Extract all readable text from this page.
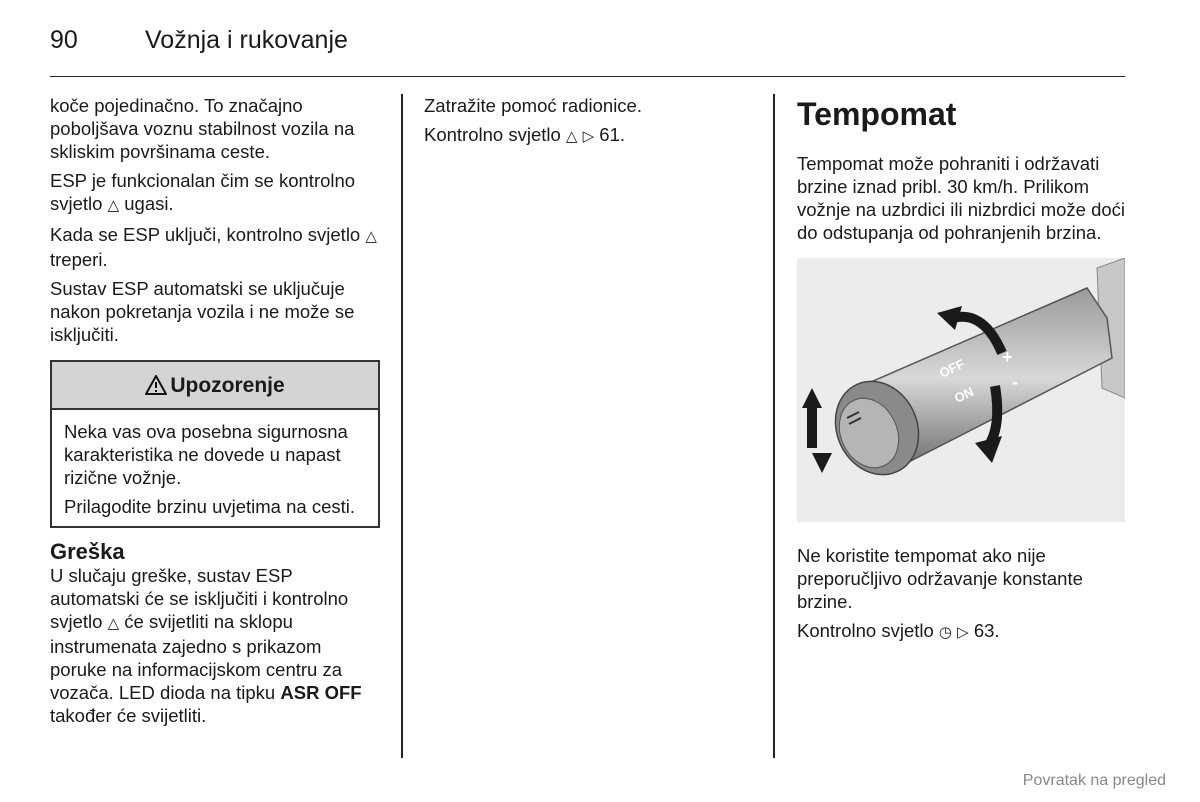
90	Vožnja i rukovanje

kočе pojedinačno. To značajno poboljšava voznu stabilnost vozila na skliskim površinama ceste.

ESP je funkcionalan čim se kontrolno svjetlo △ ugasi.

Kada se ESP uključi, kontrolno svjetlo △ treperi.

Sustav ESP automatski se uključuje nakon pokretanja vozila i ne može se isključiti.

Upozorenje

Neka vas ova posebna sigurnosna karakteristika ne dovede u napast rizične vožnje.

Prilagodite brzinu uvjetima na cesti.

Greška

U slučaju greške, sustav ESP automatski će se isključiti i kontrolno svjetlo △ će svijetliti na sklopu instrumenata zajedno s prikazom poruke na informacijskom centru za vozača. LED dioda na tipku ASR OFF također će svijetliti.

Zatražite pomoć radionice.

Kontrolno svjetlo △ ▷ 61.

Tempomat

Tempomat može pohraniti i održavati brzine iznad pribl. 30 km/h. Prilikom vožnje na uzbrdici ili nizbrdici može doći do odstupanja od pohranjenih brzina.

OFF
ON
+
-

Ne koristite tempomat ako nije preporučljivo održavanje konstante brzine.

Kontrolno svjetlo ◷ ▷ 63.

Povratak na pregled
